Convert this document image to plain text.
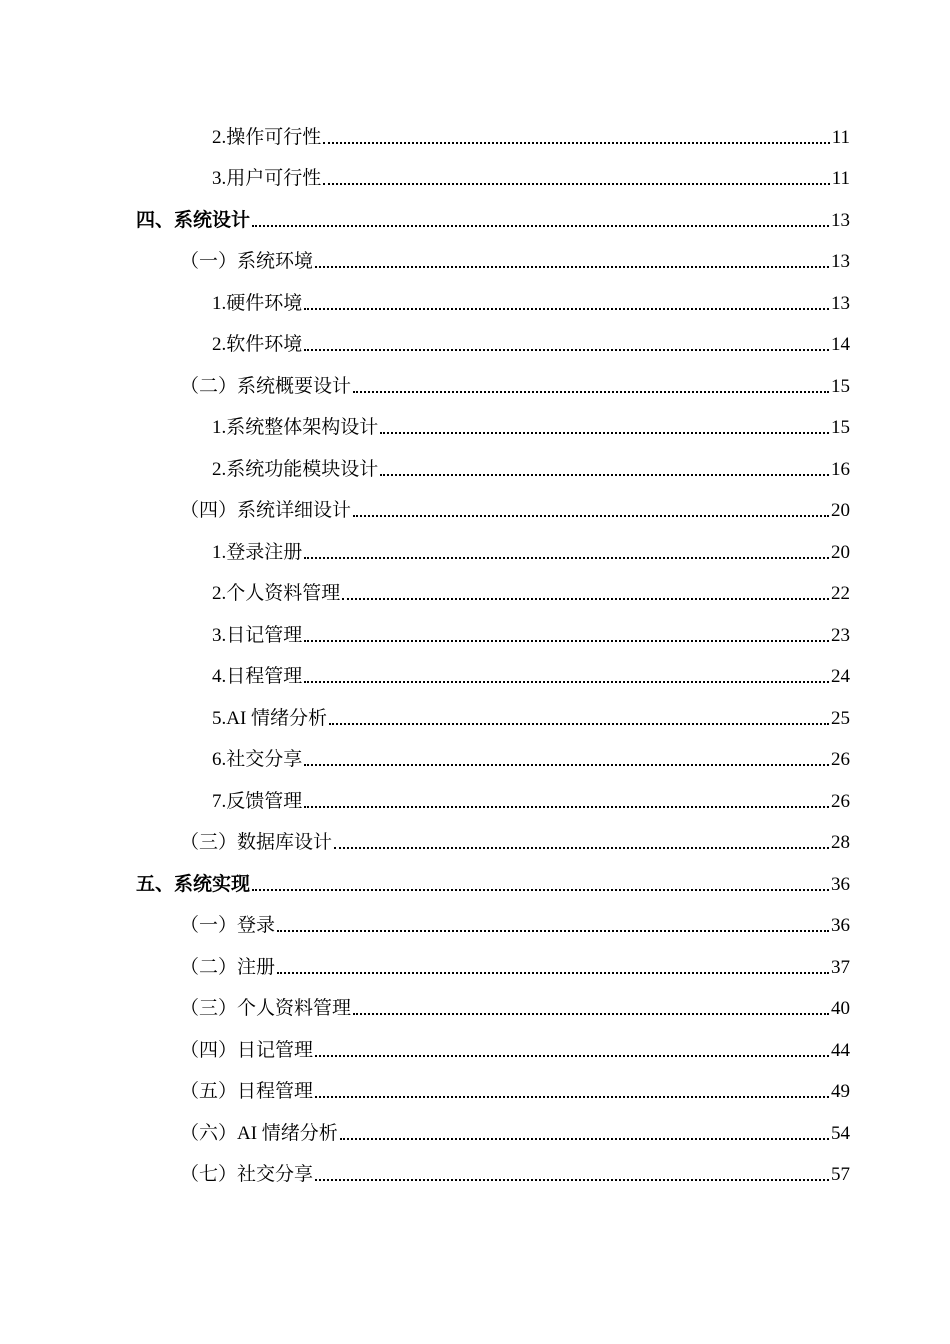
2.操作可行性	11
3.用户可行性	11
四、系统设计	13
（一）系统环境	13
1.硬件环境	13
2.软件环境	14
（二）系统概要设计	15
1.系统整体架构设计	15
2.系统功能模块设计	16
（四）系统详细设计	20
1.登录注册	20
2.个人资料管理	22
3.日记管理	23
4.日程管理	24
5.AI 情绪分析	25
6.社交分享	26
7.反馈管理	26
（三）数据库设计	28
五、系统实现	36
（一）登录	36
（二）注册	37
（三）个人资料管理	40
（四）日记管理	44
（五）日程管理	49
（六）AI 情绪分析	54
（七）社交分享	57
